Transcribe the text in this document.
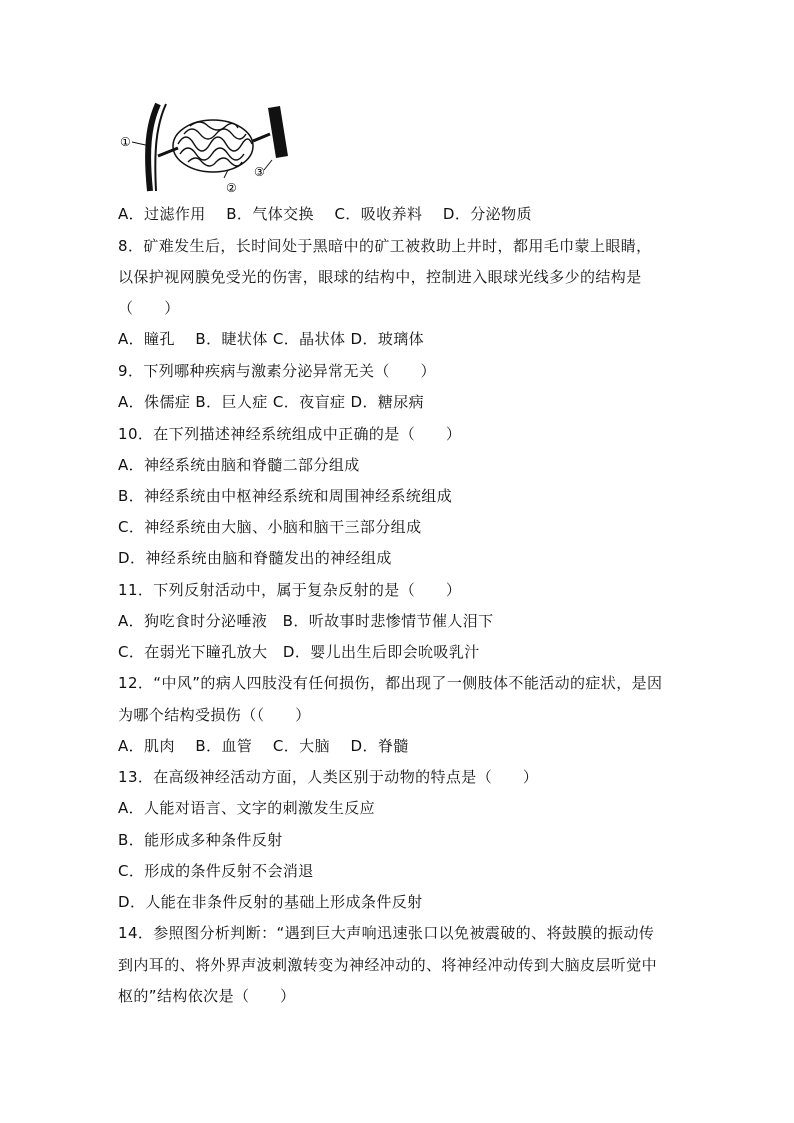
①
②
③
A．过滤作用　 B．气体交换　 C．吸收养料　 D．分泌物质
8．矿难发生后，长时间处于黑暗中的矿工被救助上井时，都用毛巾蒙上眼睛，
以保护视网膜免受光的伤害，眼球的结构中，控制进入眼球光线多少的结构是
（　　）
A．瞳孔　 B．睫状体 C．晶状体 D．玻璃体
9．下列哪种疾病与激素分泌异常无关（　　）
A．侏儒症 B．巨人症 C．夜盲症 D．糖尿病
10．在下列描述神经系统组成中正确的是（　　）
A．神经系统由脑和脊髓二部分组成
B．神经系统由中枢神经系统和周围神经系统组成
C．神经系统由大脑、小脑和脑干三部分组成
D．神经系统由脑和脊髓发出的神经组成
11．下列反射活动中，属于复杂反射的是（　　）
A．狗吃食时分泌唾液　B．听故事时悲惨情节催人泪下
C．在弱光下瞳孔放大　D．婴儿出生后即会吮吸乳汁
12．“中风”的病人四肢没有任何损伤，都出现了一侧肢体不能活动的症状，是因
为哪个结构受损伤（（　　）
A．肌肉　 B．血管　 C．大脑　 D．脊髓
13．在高级神经活动方面，人类区别于动物的特点是（　　）
A．人能对语言、文字的刺激发生反应
B．能形成多种条件反射
C．形成的条件反射不会消退
D．人能在非条件反射的基础上形成条件反射
14．参照图分析判断：“遇到巨大声响迅速张口以免被震破的、将鼓膜的振动传
到内耳的、将外界声波刺激转变为神经冲动的、将神经冲动传到大脑皮层听觉中
枢的”结构依次是（　　）
